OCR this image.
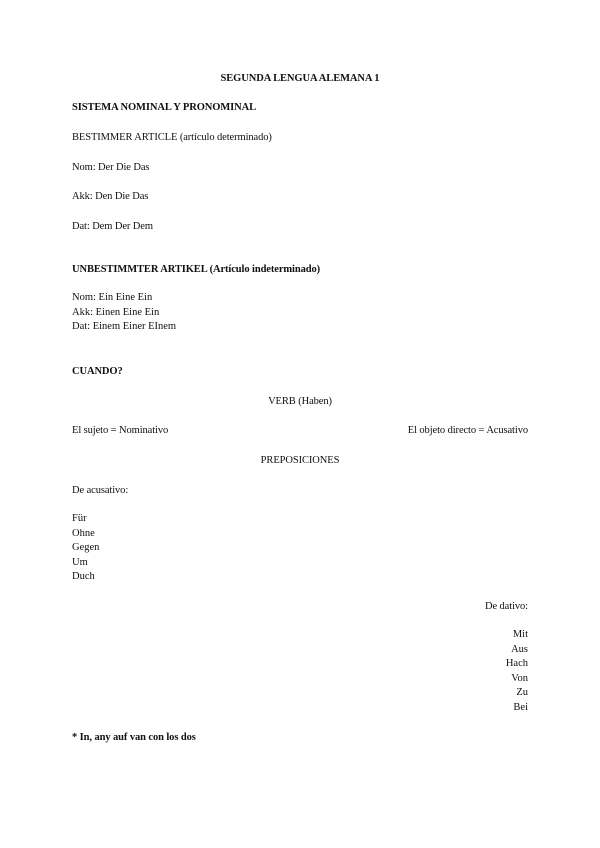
SEGUNDA LENGUA ALEMANA 1
SISTEMA NOMINAL Y PRONOMINAL
BESTIMMER ARTICLE (artículo determinado)
Nom: Der Die Das
Akk: Den Die Das
Dat: Dem Der Dem
UNBESTIMMTER ARTIKEL (Artículo indeterminado)
Nom: Ein Eine Ein
Akk: Einen Eine Ein
Dat: Einem Einer EInem
CUANDO?
VERB (Haben)
El sujeto = Nominativo	El objeto directo = Acusativo
PREPOSICIONES
De acusativo:
Für
Ohne
Gegen
Um
Duch
De dativo:
Mit
Aus
Hach
Von
Zu
Bei
* In, any auf van con los dos
